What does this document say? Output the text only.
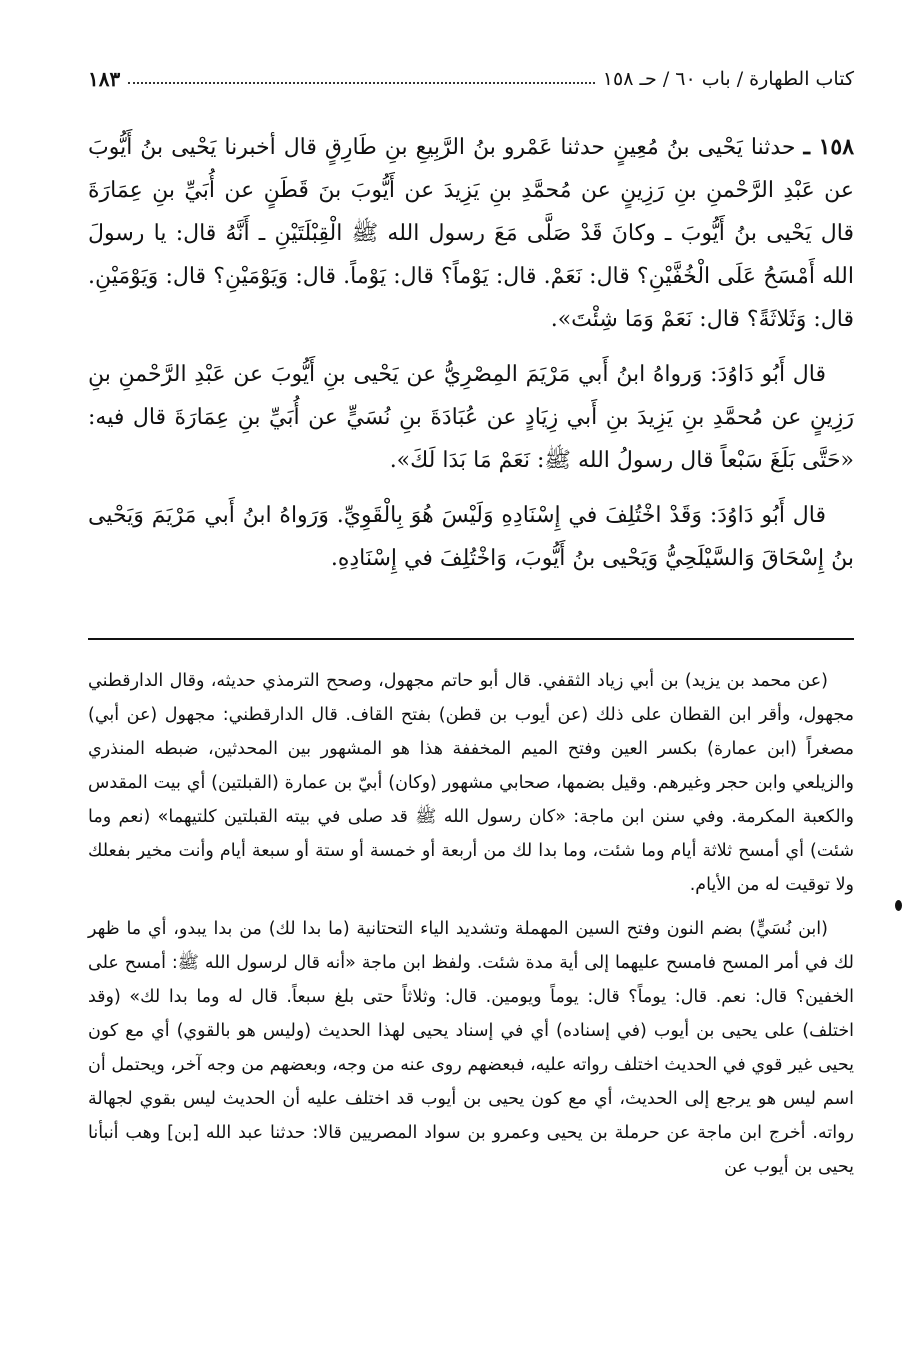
كتاب الطهارة / باب ٦٠ / حـ ١٥٨
١٨٣

١٥٨ ـ حدثنا يَحْيى بنُ مُعِينٍ حدثنا عَمْرو بنُ الرَّبِيعِ بنِ طَارِقٍ قال أخبرنا يَحْيى بنُ أَيُّوبَ عن عَبْدِ الرَّحْمنِ بنِ رَزِينٍ عن مُحمَّدِ بنِ يَزِيدَ عن أَيُّوبَ بنَ قَطَنٍ عن أُبَيِّ بنِ عِمَارَةَ قال يَحْيى بنُ أَيُّوبَ ـ وكانَ قَدْ صَلَّى مَعَ رسول الله ﷺ الْقِبْلَتَيْنِ ـ أَنَّهُ قال: يا رسولَ الله أَمْسَحُ عَلَى الْخُفَّيْنِ؟ قال: نَعَمْ. قال: يَوْماً؟ قال: يَوْماً. قال: وَيَوْمَيْنِ؟ قال: وَيَوْمَيْنِ. قال: وَثَلاثَةً؟ قال: نَعَمْ وَمَا شِئْتَ».

قال أَبُو دَاوُدَ: وَرواهُ ابنُ أَبي مَرْيَمَ المِصْرِيُّ عن يَحْيى بنِ أَيُّوبَ عن عَبْدِ الرَّحْمنِ بنِ رَزِينٍ عن مُحمَّدِ بنِ يَزِيدَ بنِ أَبي زِيَادٍ عن عُبَادَةَ بنِ نُسَيٍّ عن أُبَيِّ بنِ عِمَارَةَ قال فيه: «حَتَّى بَلَغَ سَبْعاً قال رسولُ الله ﷺ: نَعَمْ مَا بَدَا لَكَ».

قال أَبُو دَاوُدَ: وَقَدْ اخْتُلِفَ في إِسْنَادِهِ وَلَيْسَ هُوَ بِالْقَوِيِّ. وَرَواهُ ابنُ أَبي مَرْيَمَ وَيَحْيى بنُ إِسْحَاقَ وَالسَّيْلَحِيُّ وَيَحْيى بنُ أَيُّوبَ، وَاخْتُلِفَ في إِسْنَادِهِ.

(عن محمد بن يزيد) بن أبي زياد الثقفي. قال أبو حاتم مجهول، وصحح الترمذي حديثه، وقال الدارقطني مجهول، وأقر ابن القطان على ذلك (عن أيوب بن قطن) بفتح القاف. قال الدارقطني: مجهول (عن أبي) مصغراً (ابن عمارة) بكسر العين وفتح الميم المخففة هذا هو المشهور بين المحدثين، ضبطه المنذري والزيلعي وابن حجر وغيرهم. وقيل بضمها، صحابي مشهور (وكان) أبيّ بن عمارة (القبلتين) أي بيت المقدس والكعبة المكرمة. وفي سنن ابن ماجة: «كان رسول الله ﷺ قد صلى في بيته القبلتين كلتيهما» (نعم وما شئت) أي أمسح ثلاثة أيام وما شئت، وما بدا لك من أربعة أو خمسة أو ستة أو سبعة أيام وأنت مخير بفعلك ولا توقيت له من الأيام.

(ابن نُسَيٍّ) بضم النون وفتح السين المهملة وتشديد الياء التحتانية (ما بدا لك) من بدا يبدو، أي ما ظهر لك في أمر المسح فامسح عليهما إلى أية مدة شئت. ولفظ ابن ماجة «أنه قال لرسول الله ﷺ: أمسح على الخفين؟ قال: نعم. قال: يوماً؟ قال: يوماً ويومين. قال: وثلاثاً حتى بلغ سبعاً. قال له وما بدا لك» (وقد اختلف) على يحيى بن أيوب (في إسناده) أي في إسناد يحيى لهذا الحديث (وليس هو بالقوي) أي مع كون يحيى غير قوي في الحديث اختلف رواته عليه، فبعضهم روى عنه من وجه، وبعضهم من وجه آخر، ويحتمل أن اسم ليس هو يرجع إلى الحديث، أي مع كون يحيى بن أيوب قد اختلف عليه أن الحديث ليس بقوي لجهالة رواته. أخرج ابن ماجة عن حرملة بن يحيى وعمرو بن سواد المصريين قالا: حدثنا عبد الله [بن] وهب أنبأنا يحيى بن أيوب عن
